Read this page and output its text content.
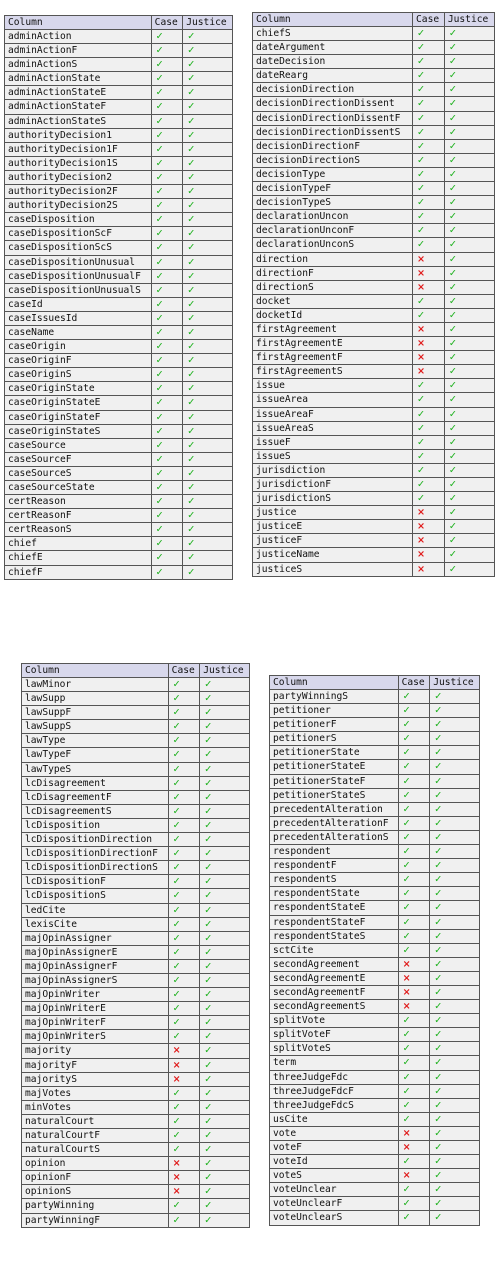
Column	Case	Justice
adminAction	✓	✓
adminActionF	✓	✓
adminActionS	✓	✓
adminActionState	✓	✓
adminActionStateE	✓	✓
adminActionStateF	✓	✓
adminActionStateS	✓	✓
authorityDecision1	✓	✓
authorityDecision1F	✓	✓
authorityDecision1S	✓	✓
authorityDecision2	✓	✓
authorityDecision2F	✓	✓
authorityDecision2S	✓	✓
caseDisposition	✓	✓
caseDispositionScF	✓	✓
caseDispositionScS	✓	✓
caseDispositionUnusual	✓	✓
caseDispositionUnusualF	✓	✓
caseDispositionUnusualS	✓	✓
caseId	✓	✓
caseIssuesId	✓	✓
caseName	✓	✓
caseOrigin	✓	✓
caseOriginF	✓	✓
caseOriginS	✓	✓
caseOriginState	✓	✓
caseOriginStateE	✓	✓
caseOriginStateF	✓	✓
caseOriginStateS	✓	✓
caseSource	✓	✓
caseSourceF	✓	✓
caseSourceS	✓	✓
caseSourceState	✓	✓
certReason	✓	✓
certReasonF	✓	✓
certReasonS	✓	✓
chief	✓	✓
chiefE	✓	✓
chiefF	✓	✓
Column	Case	Justice
chiefS	✓	✓
dateArgument	✓	✓
dateDecision	✓	✓
dateRearg	✓	✓
decisionDirection	✓	✓
decisionDirectionDissent	✓	✓
decisionDirectionDissentF	✓	✓
decisionDirectionDissentS	✓	✓
decisionDirectionF	✓	✓
decisionDirectionS	✓	✓
decisionType	✓	✓
decisionTypeF	✓	✓
decisionTypeS	✓	✓
declarationUncon	✓	✓
declarationUnconF	✓	✓
declarationUnconS	✓	✓
direction	×	✓
directionF	×	✓
directionS	×	✓
docket	✓	✓
docketId	✓	✓
firstAgreement	×	✓
firstAgreementE	×	✓
firstAgreementF	×	✓
firstAgreementS	×	✓
issue	✓	✓
issueArea	✓	✓
issueAreaF	✓	✓
issueAreaS	✓	✓
issueF	✓	✓
issueS	✓	✓
jurisdiction	✓	✓
jurisdictionF	✓	✓
jurisdictionS	✓	✓
justice	×	✓
justiceE	×	✓
justiceF	×	✓
justiceName	×	✓
justiceS	×	✓
Column	Case	Justice
lawMinor	✓	✓
lawSupp	✓	✓
lawSuppF	✓	✓
lawSuppS	✓	✓
lawType	✓	✓
lawTypeF	✓	✓
lawTypeS	✓	✓
lcDisagreement	✓	✓
lcDisagreementF	✓	✓
lcDisagreementS	✓	✓
lcDisposition	✓	✓
lcDispositionDirection	✓	✓
lcDispositionDirectionF	✓	✓
lcDispositionDirectionS	✓	✓
lcDispositionF	✓	✓
lcDispositionS	✓	✓
ledCite	✓	✓
lexisCite	✓	✓
majOpinAssigner	✓	✓
majOpinAssignerE	✓	✓
majOpinAssignerF	✓	✓
majOpinAssignerS	✓	✓
majOpinWriter	✓	✓
majOpinWriterE	✓	✓
majOpinWriterF	✓	✓
majOpinWriterS	✓	✓
majority	×	✓
majorityF	×	✓
majorityS	×	✓
majVotes	✓	✓
minVotes	✓	✓
naturalCourt	✓	✓
naturalCourtF	✓	✓
naturalCourtS	✓	✓
opinion	×	✓
opinionF	×	✓
opinionS	×	✓
partyWinning	✓	✓
partyWinningF	✓	✓
Column	Case	Justice
partyWinningS	✓	✓
petitioner	✓	✓
petitionerF	✓	✓
petitionerS	✓	✓
petitionerState	✓	✓
petitionerStateE	✓	✓
petitionerStateF	✓	✓
petitionerStateS	✓	✓
precedentAlteration	✓	✓
precedentAlterationF	✓	✓
precedentAlterationS	✓	✓
respondent	✓	✓
respondentF	✓	✓
respondentS	✓	✓
respondentState	✓	✓
respondentStateE	✓	✓
respondentStateF	✓	✓
respondentStateS	✓	✓
sctCite	✓	✓
secondAgreement	×	✓
secondAgreementE	×	✓
secondAgreementF	×	✓
secondAgreementS	×	✓
splitVote	✓	✓
splitVoteF	✓	✓
splitVoteS	✓	✓
term	✓	✓
threeJudgeFdc	✓	✓
threeJudgeFdcF	✓	✓
threeJudgeFdcS	✓	✓
usCite	✓	✓
vote	×	✓
voteF	×	✓
voteId	✓	✓
voteS	×	✓
voteUnclear	✓	✓
voteUnclearF	✓	✓
voteUnclearS	✓	✓
